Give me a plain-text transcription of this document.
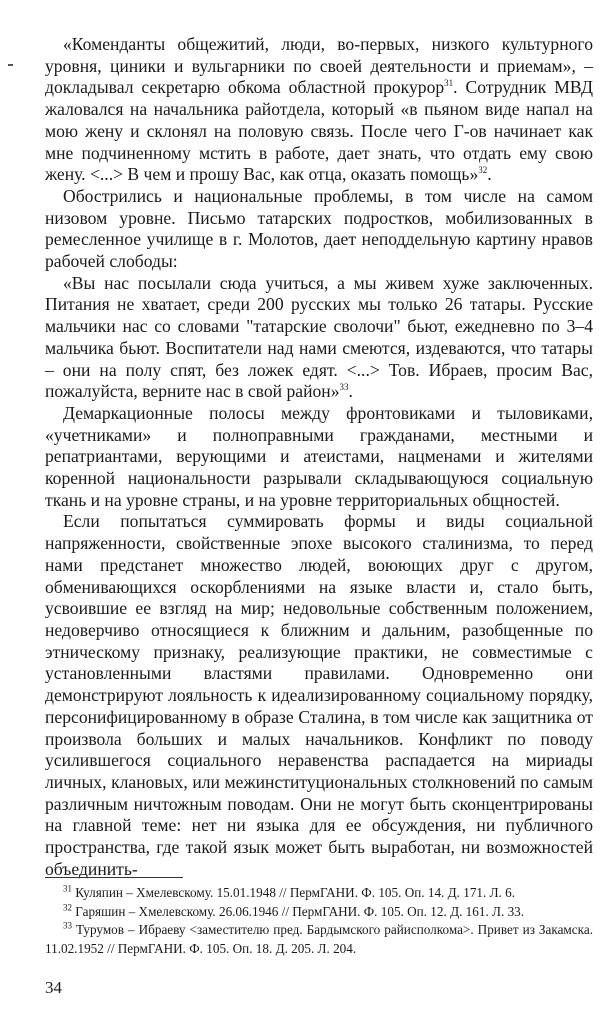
«Коменданты общежитий, люди, во-первых, низкого культурного уровня, циники и вульгарники по своей деятельности и приемам», – докладывал секретарю обкома областной прокурор$^{31}$. Сотрудник МВД жаловался на начальника райотдела, который «в пьяном виде напал на мою жену и склонял на половую связь. После чего Г-ов начинает как мне подчиненному мстить в работе, дает знать, что отдать ему свою жену. <...> В чем и прошу Вас, как отца, оказать помощь»$^{32}$.

Обострились и национальные проблемы, в том числе на самом низовом уровне. Письмо татарских подростков, мобилизованных в ремесленное училище в г. Молотов, дает неподдельную картину нравов рабочей слободы:

«Вы нас посылали сюда учиться, а мы живем хуже заключенных. Питания не хватает, среди 200 русских мы только 26 татары. Русские мальчики нас со словами "татарские сволочи" бьют, ежедневно по 3–4 мальчика бьют. Воспитатели над нами смеются, издеваются, что татары – они на полу спят, без ложек едят. <...> Тов. Ибраев, просим Вас, пожалуйста, верните нас в свой район»$^{33}$.

Демаркационные полосы между фронтовиками и тыловиками, «учетниками» и полноправными гражданами, местными и репатриантами, верующими и атеистами, нацменами и жителями коренной национальности разрывали складывающуюся социальную ткань и на уровне страны, и на уровне территориальных общностей.

Если попытаться суммировать формы и виды социальной напряженности, свойственные эпохе высокого сталинизма, то перед нами предстанет множество людей, воюющих друг с другом, обменивающихся оскорблениями на языке власти и, стало быть, усвоившие ее взгляд на мир; недовольные собственным положением, недоверчиво относящиеся к ближним и дальним, разобщенные по этническому признаку, реализующие практики, не совместимые с установленными властями правилами. Одновременно они демонстрируют лояльность к идеализированному социальному порядку, персонифицированному в образе Сталина, в том числе как защитника от произвола больших и малых начальников. Конфликт по поводу усилившегося социального неравенства распадается на мириады личных, клановых, или межинституциональных столкновений по самым различным ничтожным поводам. Они не могут быть сконцентрированы на главной теме: нет ни языка для ее обсуждения, ни публичного пространства, где такой язык может быть выработан, ни возможностей объединить-

$^{31}$ Куляпин – Хмелевскому. 15.01.1948 // ПермГАНИ. Ф. 105. Оп. 14. Д. 171. Л. 6.

$^{32}$ Гаряшин – Хмелевскому. 26.06.1946 // ПермГАНИ. Ф. 105. Оп. 12. Д. 161. Л. 33.

$^{33}$ Турумов – Ибраеву <заместителю пред. Бардымского райисполкома>. Привет из Закамска. 11.02.1952 // ПермГАНИ. Ф. 105. Оп. 18. Д. 205. Л. 204.

34
